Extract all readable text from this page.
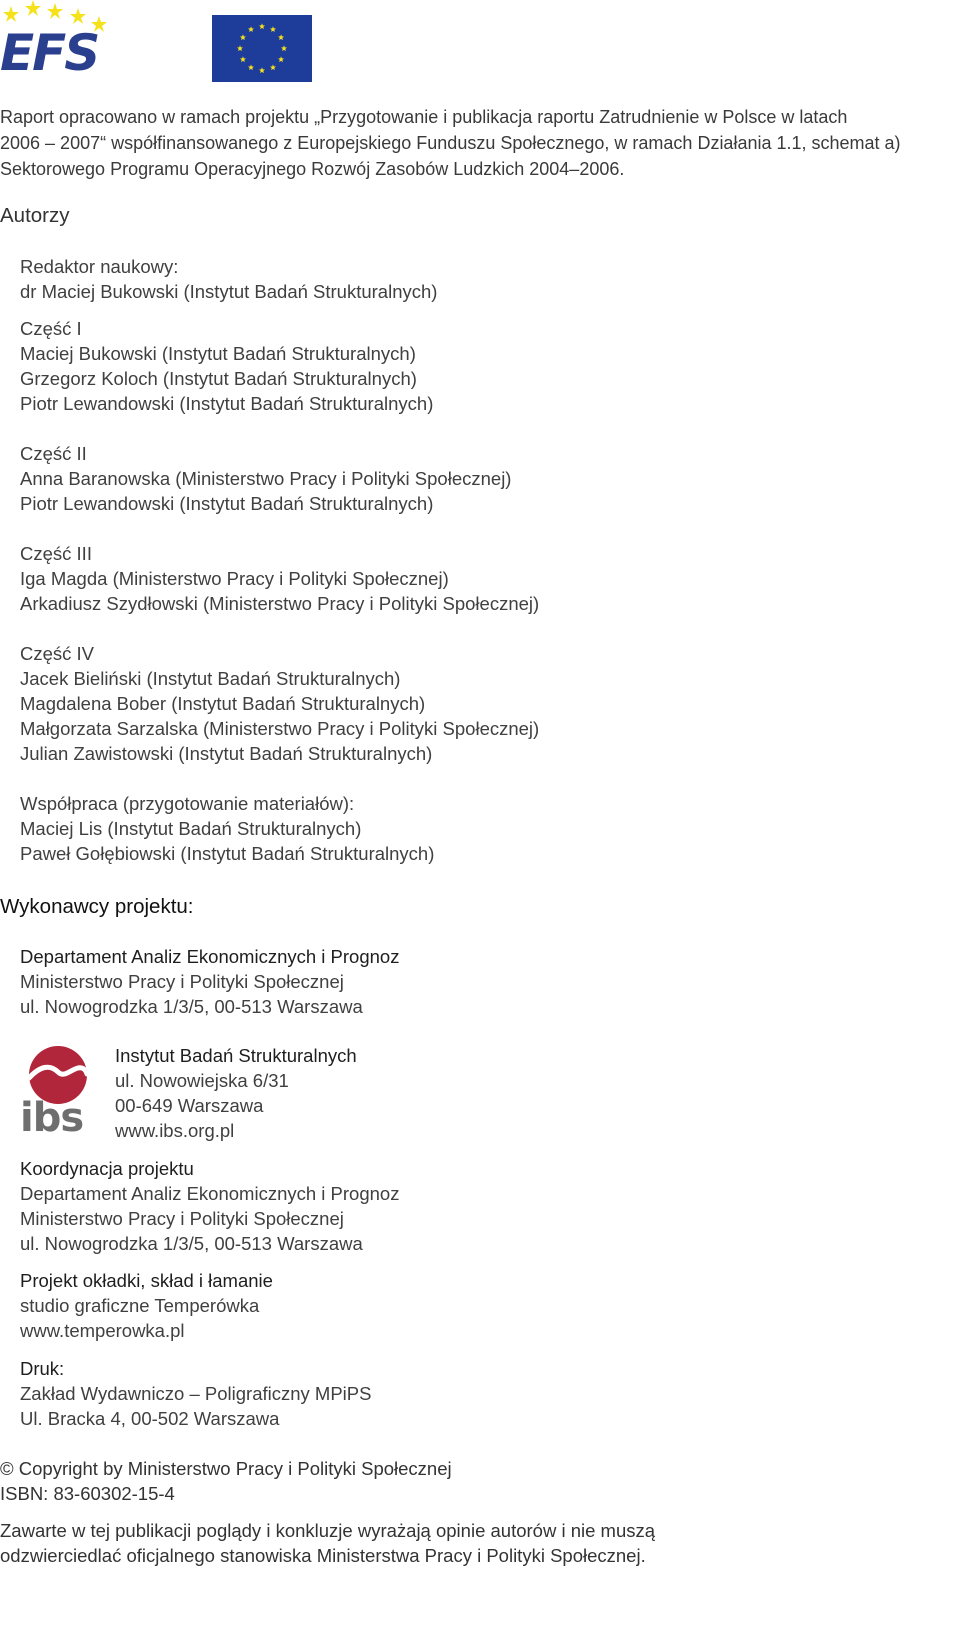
EFS
Raport opracowano w ramach projektu „Przygotowanie i publikacja raportu Zatrudnienie w Polsce w latach
2006 – 2007“ współfinansowanego z Europejskiego Funduszu Społecznego, w ramach Działania 1.1, schemat a)
Sektorowego Programu Operacyjnego Rozwój Zasobów Ludzkich 2004–2006.
Autorzy
Redaktor naukowy:
dr Maciej Bukowski (Instytut Badań Strukturalnych)
Część I
Maciej Bukowski (Instytut Badań Strukturalnych)
Grzegorz Koloch (Instytut Badań Strukturalnych)
Piotr Lewandowski (Instytut Badań Strukturalnych)
Część II
Anna Baranowska (Ministerstwo Pracy i Polityki Społecznej)
Piotr Lewandowski (Instytut Badań Strukturalnych)
Część III
Iga Magda (Ministerstwo Pracy i Polityki Społecznej)
Arkadiusz Szydłowski (Ministerstwo Pracy i Polityki Społecznej)
Część IV
Jacek Bieliński (Instytut Badań Strukturalnych)
Magdalena Bober (Instytut Badań Strukturalnych)
Małgorzata Sarzalska (Ministerstwo Pracy i Polityki Społecznej)
Julian Zawistowski (Instytut Badań Strukturalnych)
Współpraca (przygotowanie materiałów):
Maciej Lis (Instytut Badań Strukturalnych)
Paweł Gołębiowski (Instytut Badań Strukturalnych)
Wykonawcy projektu:
Departament Analiz Ekonomicznych i Prognoz
Ministerstwo Pracy i Polityki Społecznej
ul. Nowogrodzka 1/3/5, 00-513 Warszawa
ibs
Instytut Badań Strukturalnych
ul. Nowowiejska 6/31
00-649 Warszawa
www.ibs.org.pl
Koordynacja projektu
Departament Analiz Ekonomicznych i Prognoz
Ministerstwo Pracy i Polityki Społecznej
ul. Nowogrodzka 1/3/5, 00-513 Warszawa
Projekt okładki, skład i łamanie
studio graficzne Temperówka
www.temperowka.pl
Druk:
Zakład Wydawniczo – Poligraficzny MPiPS
Ul. Bracka 4, 00-502 Warszawa
© Copyright by Ministerstwo Pracy i Polityki Społecznej
ISBN: 83-60302-15-4
Zawarte w tej publikacji poglądy i konkluzje wyrażają opinie autorów i nie muszą
odzwierciedlać oficjalnego stanowiska Ministerstwa Pracy i Polityki Społecznej.
